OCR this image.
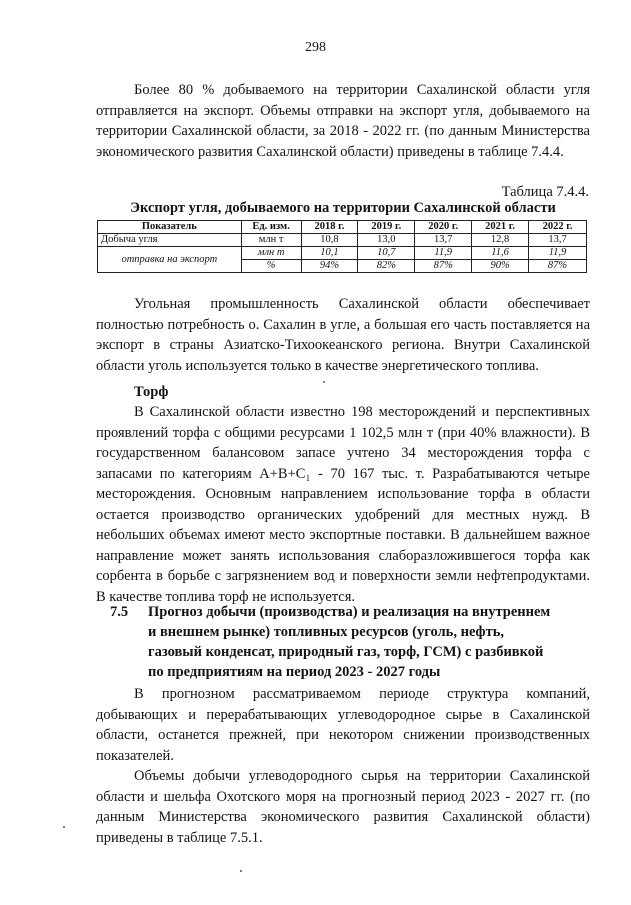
298

Более 80 % добываемого на территории Сахалинской области угля отправляется на экспорт. Объемы отправки на экспорт угля, добываемого на территории Сахалинской области, за 2018 - 2022 гг. (по данным Министерства экономического развития Сахалинской области) приведены в таблице 7.4.4.

Таблица 7.4.4.
Экспорт угля, добываемого на территории Сахалинской области
Показатель	Ед. изм.	2018 г.	2019 г.	2020 г.	2021 г.	2022 г.
Добыча угля	млн т	10,8	13,0	13,7	12,8	13,7
отправка на экспорт	млн т	10,1	10,7	11,9	11,6	11,9
	%	94%	82%	87%	90%	87%

Угольная промышленность Сахалинской области обеспечивает полностью потребность о. Сахалин в угле, а большая его часть поставляется на экспорт в страны Азиатско-Тихоокеанского региона. Внутри Сахалинской области уголь используется только в качестве энергетического топлива.

Торф

В Сахалинской области известно 198 месторождений и перспективных проявлений торфа с общими ресурсами 1 102,5 млн т (при 40% влажности). В государственном балансовом запасе учтено 34 месторождения торфа с запасами по категориям А+В+С₁ - 70 167 тыс. т. Разрабатываются четыре месторождения. Основным направлением использование торфа в области остается производство органических удобрений для местных нужд. В небольших объемах имеют место экспортные поставки. В дальнейшем важное направление может занять использования слаборазложившегося торфа как сорбента в борьбе с загрязнением вод и поверхности земли нефтепродуктами. В качестве топлива торф не используется.

7.5 Прогноз добычи (производства) и реализация на внутреннем
и внешнем рынке) топливных ресурсов (уголь, нефть,
газовый конденсат, природный газ, торф, ГСМ) с разбивкой
по предприятиям на период 2023 - 2027 годы

В прогнозном рассматриваемом периоде структура компаний, добывающих и перерабатывающих углеводородное сырье в Сахалинской области, останется прежней, при некотором снижении производственных показателей.

Объемы добычи углеводородного сырья на территории Сахалинской области и шельфа Охотского моря на прогнозный период 2023 - 2027 гг. (по данным Министерства экономического развития Сахалинской области) приведены в таблице 7.5.1.
